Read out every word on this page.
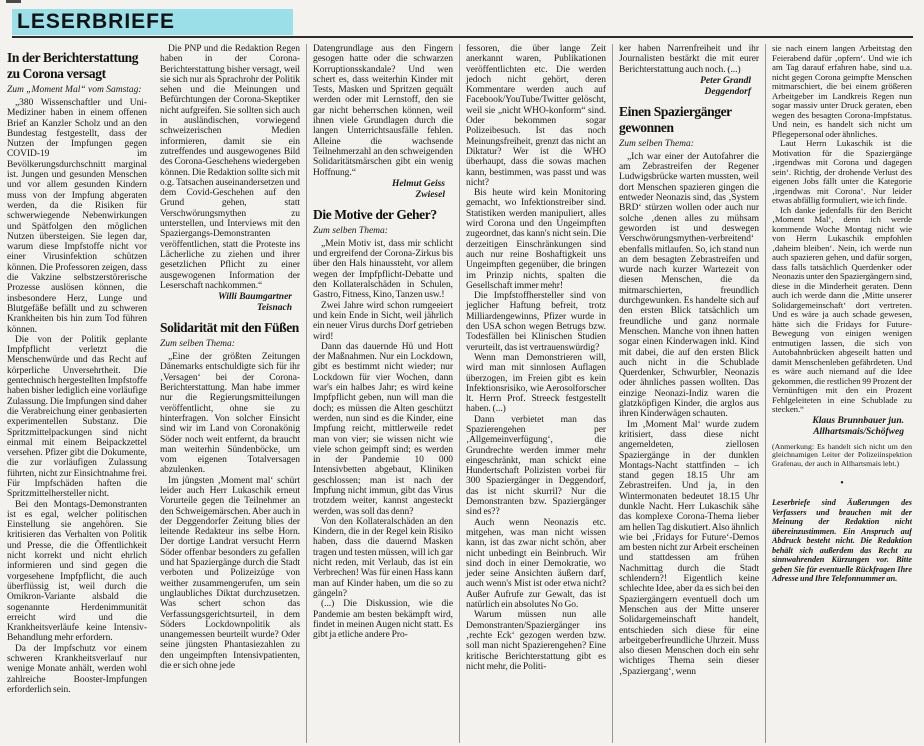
LESERBRIEFE
In der Berichterstattung zu Corona versagt
Zum „Moment Mal“ vom Samstag:
„380 Wissenschaftler und Uni-Mediziner haben in einem offenen Brief an Kanzler Scholz und an den Bundestag festgestellt, dass der Nutzen der Impfungen gegen COVID-19 im Bevölkerungsdurchschnitt marginal ist. Jungen und gesunden Menschen und vor allem gesunden Kindern muss von der Impfung abgeraten werden, da die Risiken für schwerwiegende Nebenwirkungen und Spätfolgen den möglichen Nutzen übersteigen. Sie legen dar, warum diese Impfstoffe nicht vor einer Virusinfektion schützen können. Die Professoren zeigen, dass die Vakzine selbstzerstörerische Prozesse auslösen können, die insbesondere Herz, Lunge und Blutgefäße befällt und zu schweren Krankheiten bis hin zum Tod führen können.
Die von der Politik geplante Impfpflicht verletzt die Menschenwürde und das Recht auf körperliche Unversehrtheit. Die gentechnisch hergestellten Impfstoffe haben bisher lediglich eine vorläufige Zulassung. Die Impfungen sind daher die Verabreichung einer genbasierten experimentellen Substanz. Die Spritzmittelpackungen sind nicht einmal mit einem Beipackzettel versehen. Pfizer gibt die Dokumente, die zur vorläufigen Zulassung führten, nicht zur Einsichtnahme frei. Für Impfschäden haften die Spritzmittelhersteller nicht.
Bei den Montags-Demonstranten ist es egal, welcher politischen Einstellung sie angehören. Sie kritisieren das Verhalten von Politik und Presse, die die Öffentlichkeit nicht korrekt und nicht ehrlich informieren und sind gegen die vorgesehene Impfpflicht, die auch überflüssig ist, weil durch die Omikron-Variante alsbald die sogenannte Herdenimmunität erreicht wird und die Krankheitsverläufe keine Intensiv-Behandlung mehr erfordern.
Da der Impfschutz vor einem schweren Krankheitsverlauf nur wenige Monate anhält, werden wohl zahlreiche Booster-Impfungen erforderlich sein.
Die PNP und die Redaktion Regen haben in der Corona-Berichterstattung bisher versagt, weil sie sich nur als Sprachrohr der Politik sehen und die Meinungen und Befürchtungen der Corona-Skeptiker nicht aufgreifen. Sie sollten sich auch in ausländischen, vorwiegend schweizerischen Medien informieren, damit sie ein zutreffendes und ausgewogenes Bild des Corona-Geschehens wiedergeben können. Die Redaktion sollte sich mit o.g. Tatsachen auseinandersetzen und dem Covid-Geschehen auf den Grund gehen, statt Verschwörungsmythen zu unterstellen, und Interviews mit den Spaziergangs-Demonstranten veröffentlichen, statt die Proteste ins Lächerliche zu ziehen und ihrer gesetzlichen Pflicht zu einer ausgewogenen Information der Leserschaft nachkommen.“
Willi Baumgartner
Teisnach
Solidarität mit den Füßen
Zum selben Thema:
„Eine der größten Zeitungen Dänemarks entschuldigte sich für ihr ‚Versagen‘ bei der Corona-Berichterstattung. Man habe immer nur die Regierungsmitteilungen veröffentlicht, ohne sie zu hinterfragen. Von solcher Einsicht sind wir im Land von Coronakönig Söder noch weit entfernt, da braucht man weiterhin Sündenböcke, um vom eigenen Totalversagen abzulenken.
Im jüngsten ‚Moment mal‘ schürt leider auch Herr Lukaschik erneut Vorurteile gegen die Teilnehmer an den Schweigemärschen. Aber auch in der Deggendorfer Zeitung blies der leitende Redakteur ins selbe Horn. Der dortige Landrat versucht Herrn Söder offenbar besonders zu gefallen und hat Spaziergänge durch die Stadt verboten und Polizeizüge von weither zusammengerufen, um sein unglaubliches Diktat durchzusetzen. Was schert schon das Verfassungsgerichtsurteil, in dem Söders Lockdownpolitik als unangemessen beurteilt wurde? Oder seine jüngsten Phantasiezahlen zu den ungeimpften Intensivpatienten, die er sich ohne jede
Datengrundlage aus den Fingern gesogen hatte oder die schwarzen Korruptionsskandale? Und wen schert es, dass weiterhin Kinder mit Tests, Masken und Spritzen gequält werden oder mit Lernstoff, den sie gar nicht beherrschen können, weil ihnen viele Grundlagen durch die langen Unterrichtsausfälle fehlen. Alleine die wachsende Teilnehmerzahl an den schweigenden Solidaritätsmärschen gibt ein wenig Hoffnung.“
Helmut Geiss
Zwiesel
Die Motive der Geher?
Zum selben Thema:
„Mein Motiv ist, dass mir schlicht und ergreifend der Corona-Zirkus bis über den Hals hinaussteht, vor allem wegen der Impfpflicht-Debatte und den Kollateralschäden in Schulen, Gastro, Fitness, Kino, Tanzen usw.!
Zwei Jahre wird schon rumgeeiert und kein Ende in Sicht, weil jährlich ein neuer Virus durchs Dorf getrieben wird!
Dann das dauernde Hü und Hott der Maßnahmen. Nur ein Lockdown, gibt es bestimmt nicht wieder; nur Lockdown für vier Wochen, dann war's ein halbes Jahr; es wird keine Impfpflicht geben, nun will man die doch; es müssen die Alten geschützt werden, nun sind es die Kinder, eine Impfung reicht, mittlerweile redet man von vier; sie wissen nicht wie viele schon geimpft sind; es werden in der Pandemie 10 000 Intensivbetten abgebaut, Kliniken geschlossen; man ist nach der Impfung nicht immun, gibt das Virus trotzdem weiter, kannst angesteckt werden, was soll das denn?
Von den Kollateralschäden an den Kindern, die in der Regel kein Risiko haben, dass die dauernd Masken tragen und testen müssen, will ich gar nicht reden, mit Verlaub, das ist ein Verbrechen! Was für einen Hass kann man auf Kinder haben, um die so zu gängeln?
(...) Die Diskussion, wie die Pandemie am besten bekämpft wird, findet in meinen Augen nicht statt. Es gibt ja etliche andere Pro-
fessoren, die über lange Zeit anerkannt waren, Publikationen veröffentlichten etc. Die werden jedoch nicht gehört, deren Kommentare werden auch auf Facebook/YouTube/Twitter gelöscht, weil sie „nicht WHO-konform“ sind. Oder bekommen sogar Polizeibesuch. Ist das noch Meinungsfreiheit, grenzt das nicht an Diktatur? Wer ist die WHO überhaupt, dass die sowas machen kann, bestimmen, was passt und was nicht?
Bis heute wird kein Monitoring gemacht, wo Infektionstreiber sind. Statistiken werden manipuliert, alles wird Corona und den Ungeimpften zugeordnet, das kann's nicht sein. Die derzeitigen Einschränkungen sind auch nur reine Boshaftigkeit uns Ungeimpften gegenüber, die bringen im Prinzip nichts, spalten die Gesellschaft immer mehr!
Die Impfstoffhersteller sind von jeglicher Haftung befreit, trotz Milliardengewinns, Pfizer wurde in den USA schon wegen Betrugs bzw. Todesfällen bei Klinischen Studien verurteilt, das ist vertrauenswürdig?
Wenn man Demonstrieren will, wird man mit sinnlosen Auflagen überzogen, im Freien gibt es kein Infektionsrisiko, wie Aerosolforscher lt. Herrn Prof. Streeck festgestellt haben. (...)
Dann verbietet man das Spazierengehen per ‚Allgemeinverfügung‘, die Grundrechte werden immer mehr eingeschränkt, man schickt eine Hundertschaft Polizisten vorbei für 300 Spaziergänger in Deggendorf, das ist nicht skurril? Nur die Demonstranten bzw. Spaziergänger sind es??
Auch wenn Neonazis etc. mitgehen, was man nicht wissen kann, ist das zwar nicht schön, aber nicht unbedingt ein Beinbruch. Wir sind doch in einer Demokratie, wo jeder seine Ansichten äußern darf, auch wenn's Mist ist oder etwa nicht? Außer Aufrufe zur Gewalt, das ist natürlich ein absolutes No Go.
Warum müssen nun alle Demonstranten/Spaziergänger ins ‚rechte Eck‘ gezogen werden bzw. soll man nicht Spazierengehen? Eine kritische Berichterstattung gibt es nicht mehr, die Politi-
ker haben Narrenfreiheit und ihr Journalisten bestärkt die mit eurer Berichterstattung auch noch. (...)
Peter Grandl
Deggendorf
Einen Spaziergänger gewonnen
Zum selben Thema:
„Ich war einer der Autofahrer die am Zebrastreifen der Regener Ludwigsbrücke warten mussten, weil dort Menschen spazieren gingen die entweder Neonazis sind, das ‚System BRD‘ stürzen wollen oder auch nur solche ‚denen alles zu mühsam geworden ist und deswegen Verschwörungsmythen-verbreitend‘ ebenfalls mitlaufen. So, ich stand nun an dem besagten Zebrastreifen und wurde nach kurzer Wartezeit von diesen Menschen, die da mitmarschierten, freundlich durchgewunken. Es handelte sich auf den ersten Blick tatsächlich um freundliche und ganz normale Menschen. Manche von ihnen hatten sogar einen Kinderwagen inkl. Kind mit dabei, die auf den ersten Blick auch nicht in die Schublade Querdenker, Schwurbler, Neonazis oder ähnliches passen wollten. Das einzige Neonazi-Indiz waren die glatzköpfigen Kinder, die arglos aus ihren Kinderwägen schauten.
Im ‚Moment Mal‘ wurde zudem kritisiert, dass diese nicht angemeldeten, ziellosen Spaziergänge in der dunklen Montags-Nacht stattfinden – ich stand gegen 18.15 Uhr am Zebrastreifen. Und ja, in den Wintermonaten bedeutet 18.15 Uhr dunkle Nacht. Herr Lukaschik sähe das komplexe Corona-Thema lieber am hellen Tag diskutiert. Also ähnlich wie bei ‚Fridays for Future‘-Demos am besten nicht zur Arbeit erscheinen und stattdessen am frühen Nachmittag durch die Stadt schlendern?! Eigentlich keine schlechte Idee, aber da es sich bei den Spaziergängern eventuell doch um Menschen aus der Mitte unserer Solidargemeinschaft handelt, entschieden sich diese für eine arbeitgeberfreundliche Uhrzeit. Muss also diesen Menschen doch ein sehr wichtiges Thema sein dieser ‚Spaziergang‘, wenn
sie nach einem langen Arbeitstag den Feierabend dafür ‚opfern‘. Und wie ich am Tag darauf erfahren habe, sind u.a. nicht gegen Corona geimpfte Menschen mitmarschiert, die bei einem größeren Arbeitgeber im Landkreis Regen nun sogar massiv unter Druck geraten, eben wegen des besagten Corona-Impfstatus. Und nein, es handelt sich nicht um Pflegepersonal oder ähnliches.
Laut Herrn Lukaschik ist die Motivation für die Spaziergänge ‚irgendwas mit Corona und dagegen sein‘. Richtig, der drohende Verlust des eigenen Jobs fällt unter die Kategorie ‚irgendwas mit Corona‘. Nur leider etwas abfällig formuliert, wie ich finde.
Ich danke jedenfalls für den Bericht ‚Moment Mal‘, denn ich werde kommende Woche Montag nicht wie von Herrn Lukaschik empfohlen ‚daheim bleiben‘. Nein, ich werde nun auch spazieren gehen, und dafür sorgen, dass falls tatsächlich Querdenker oder Neonazis unter den Spaziergängern sind, diese in die Minderheit geraten. Denn auch ich werde dann die ‚Mitte unserer Solidargemeinschaft‘ dort vertreten. Und es wäre ja auch schade gewesen, hätte sich die Fridays for Future-Bewegung von einigen wenigen entmutigen lassen, die sich von Autobahnbrücken abgeseilt hatten und damit Menschenleben gefährdeten. Und es wäre auch niemand auf die Idee gekommen, die restlichen 99 Prozent der Vernünftigen mit den ein Prozent Fehlgeleiteten in eine Schublade zu stecken.“
Klaus Brunnbauer jun.
Allhartsmais/Schöfweg
(Anmerkung: Es handelt sich nicht um den gleichnamigen Leiter der Polizeiinspektion Grafenau, der auch in Allhartsmais lebt.)
•
Leserbriefe sind Äußerungen des Verfassers und brauchen mit der Meinung der Redaktion nicht übereinzustimmen. Ein Anspruch auf Abdruck besteht nicht. Die Redaktion behält sich außerdem das Recht zu sinnwahrenden Kürzungen vor. Bitte geben Sie für eventuelle Rückfragen Ihre Adresse und Ihre Telefonnummer an.
